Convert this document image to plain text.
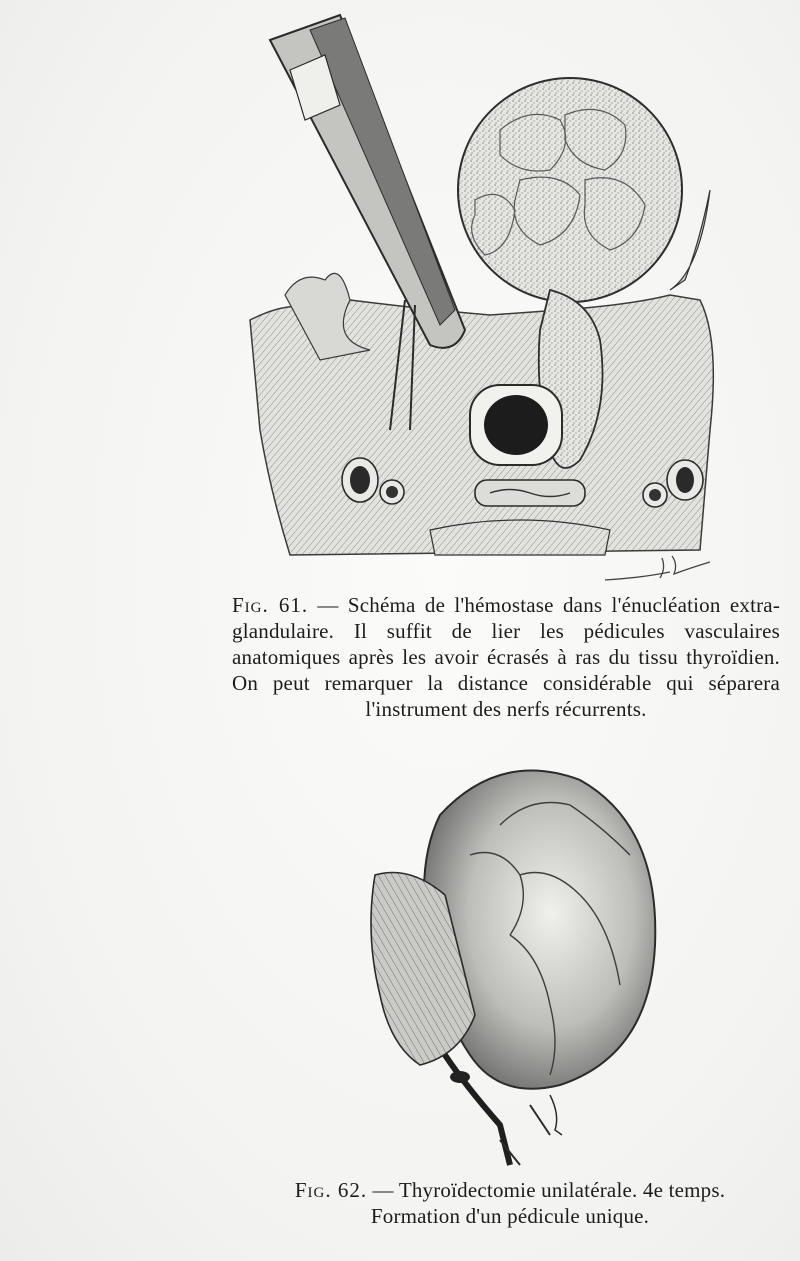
Fig. 61. — Schéma de l'hémostase dans l'énucléation extra-glandulaire. Il suffit de lier les pédicules vasculaires anatomiques après les avoir écrasés à ras du tissu thyroïdien. On peut remarquer la distance considérable qui séparera l'instrument des nerfs récurrents.
Fig. 62. — Thyroïdectomie unilatérale. 4e temps.
Formation d'un pédicule unique.
